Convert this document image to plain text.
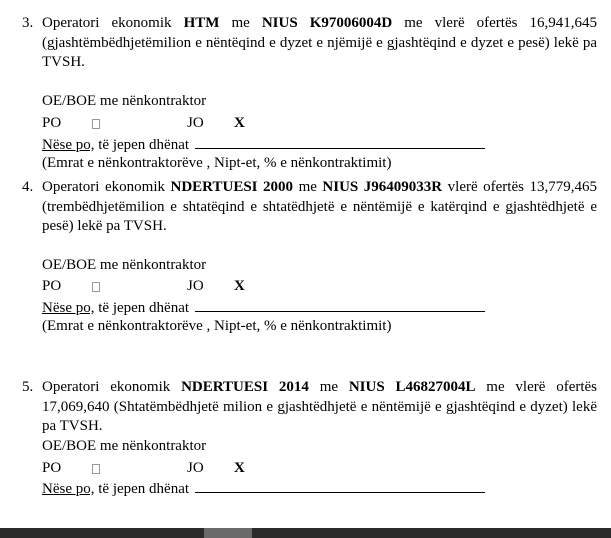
3. Operatori ekonomik HTM me NIUS K97006004D me vlerë ofertës 16,941,645 (gjashtëmbëdhjetëmilion e nëntëqind e dyzet e njëmijë e gjashtëqind e dyzet e pesë) lekë pa TVSH.
OE/BOE me nënkontraktor
PO	JO X
Nëse po, të jepen dhënat
(Emrat e nënkontraktorëve , Nipt-et, % e nënkontraktimit)
4. Operatori ekonomik NDERTUESI 2000 me NIUS J96409033R vlerë ofertës 13,779,465 (trembëdhjetëmilion e shtatëqind e shtatëdhjetë e nëntëmijë e katërqind e gjashtëdhjetë e pesë) lekë pa TVSH.
OE/BOE me nënkontraktor
PO	JO X
Nëse po, të jepen dhënat
(Emrat e nënkontraktorëve , Nipt-et, % e nënkontraktimit)
5. Operatori ekonomik NDERTUESI 2014 me NIUS L46827004L me vlerë ofertës 17,069,640 (Shtatëmbëdhjetë milion e gjashtëdhjetë e nëntëmijë e gjashtëqind e dyzet) lekë pa TVSH.
OE/BOE me nënkontraktor
PO	JO X
Nëse po, të jepen dhënat
